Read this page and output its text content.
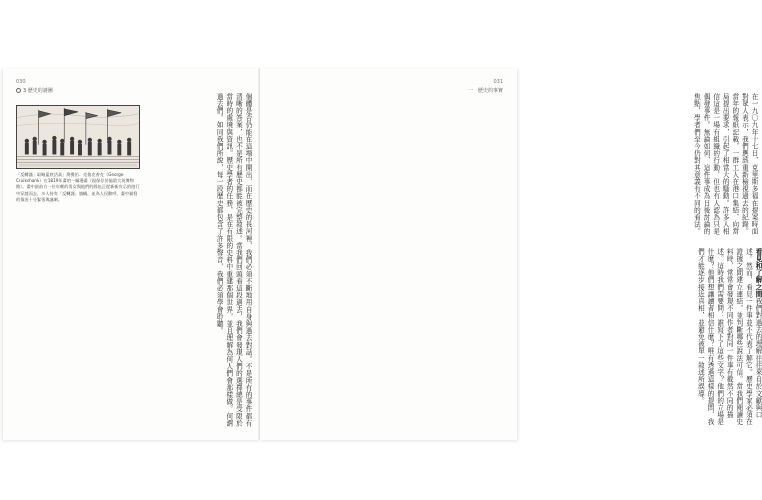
030
3 歷史的謎團
「反轉謹」取略蓋底活高」喬譽治．克魯克香克（George Cruikshank）在1819年畫的一幅漫畫（現保存於倫敦大英博物館）。畫中最前方一位年輕的男女與他們的隊伍正從新新宣示的遊行中穿越而去，多人持有「反轉謹」旗幟，並為人民歡呼，畫中描寫的情況十分緊張與諷刺。	個體是否仍能在這場中開出，而在歷史的長河裡，我們必須不斷地用自身與過去對話。不是所有的事件都有清晰的答案，也不是所有歷史都能被完整敘述。當我們回頭看這段過去，我們會發現人們的選擇總是受限於當時的處境與資訊。歷史學者的任務，是在有限的史料中重建那個世界，並且理解為何人們會那樣做。何謂過去們。如同我們所說，每一段歷史都包含了許多聲音，我們必須學會聆聽。
031
一　歷史的事實
在一九〇九年十七日，克里斯多福在提案時面對眾人表示，我們應該重新檢視過去的紀錄。當年的報紙記載，一群工人在港口集結，向當局提出要求，引起了相當大的騷動。許多人相信這是一場有組織的行動，但也有人認為只是偶發事件。無論如何，這件事成為日後討論的焦點，學者們至今仍對其意義有不同的看法。
看見和了解之間我們對過去的理解往往來自於文獻與口述。然而，看見一件事並不代表了解它。歷史學家必須在證據之間建立連結，並判斷哪些說法可信。當我們閱讀史料時，常常會發現不同作者對同一件事有截然不同的描述。這時我們需要問：誰寫下了這些文字？他們的立場是什麼？他們想讓讀者相信什麼？唯有透過這樣的提問，我們才能逐步接近真相，並避免被單一敘述所誤導。
